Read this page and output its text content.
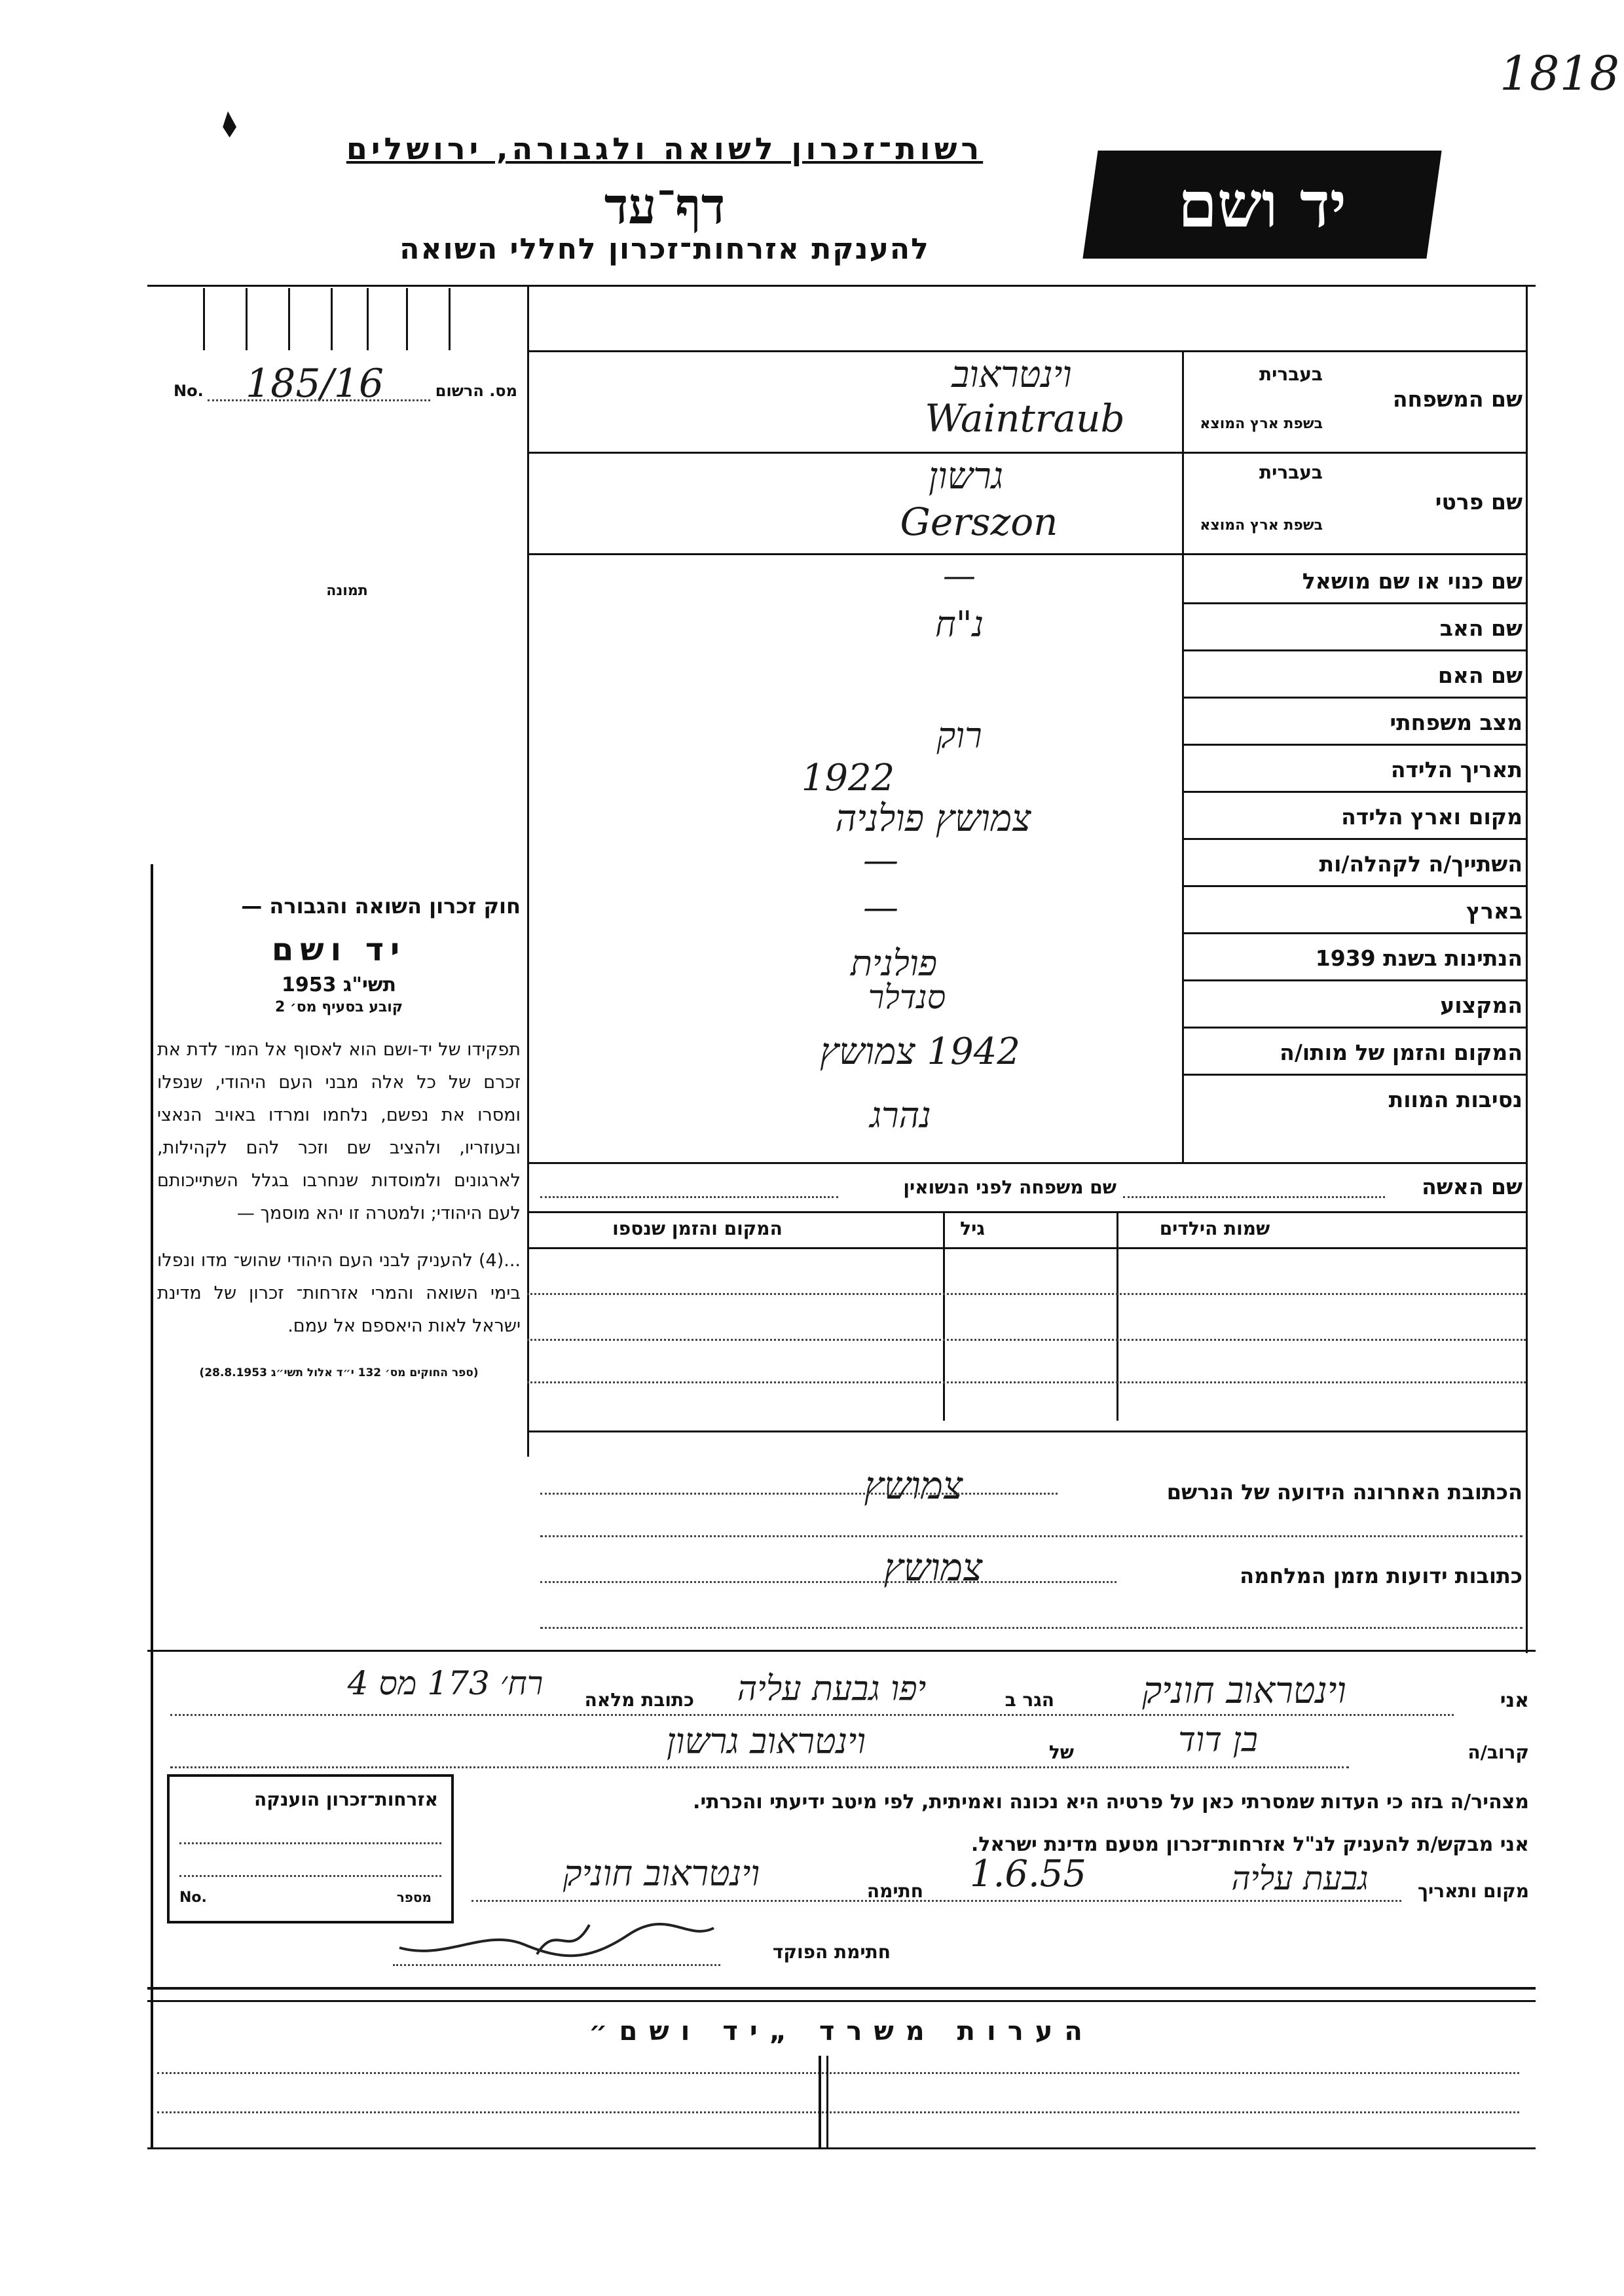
1818
רשות־זכרון לשואה ולגבורה, ירושלים
דף־עד
להענקת אזרחות־זכרון לחללי השואה
יד ושם
No. 185/16	מס. הרשום
תמונה
חוק זכרון השואה והגבורה —
יד ושם
תשי"ג 1953
קובע בסעיף מס׳ 2
תפקידו של יד-ושם הוא לאסוף אל המו־ לדת את זכרם של כל אלה מבני העם היהודי, שנפלו ומסרו את נפשם, נלחמו ומרדו באויב הנאצי ובעוזריו, ולהציב שם וזכר להם לקהילות, לארגונים ולמוסדות שנחרבו בגלל השתייכותם לעם היהודי; ולמטרה זו יהא מוסמך —
...(4) להעניק לבני העם היהודי שהוש־ מדו ונפלו בימי השואה והמרי אזרחות־ זכרון של מדינת ישראל לאות היאספם אל עמם.
(ספר החוקים מס׳ 132 י״ד אלול תשי״ג 28.8.1953)
שם המשפחה
בעברית
בשפת ארץ המוצא
וינטראוב
Waintraub
שם פרטי
בעברית
בשפת ארץ המוצא
גרשון
Gerszon
שם כנוי או שם מושאל
—
שם האב
נ"ח
שם האם
מצב משפחתי
רוק
תאריך הלידה
1922
מקום וארץ הלידה
צמושץ פולניה
השתייך/ה לקהלה/ות
—
בארץ
—
הנתינות בשנת 1939
פולנית
המקצוע
סנדלר
המקום והזמן של מותו/ה
1942 צמושץ
נסיבות המוות
נהרג
שם האשה
שם משפחה לפני הנשואין
שמות הילדים
גיל
המקום והזמן שנספו
הכתובת האחרונה הידועה של הנרשם
צמושץ
כתובות ידועות מזמן המלחמה
צמושץ
אני
וינטראוב חוניק
הגר ב
יפו גבעת עליה
כתובת מלאה
רח׳ 173 מס 4
קרוב/ה
בן דוד
של
וינטראוב גרשון
מצהיר/ה בזה כי העדות שמסרתי כאן על פרטיה היא נכונה ואמיתית, לפי מיטב ידיעתי והכרתי.
אני מבקש/ת להעניק לנ"ל אזרחות־זכרון מטעם מדינת ישראל.
מקום ותאריך
גבעת עליה
1.6.55
חתימה
וינטראוב חוניק
חתימת הפוקד
אזרחות־זכרון הוענקה
No.	מספר
הערות משרד „יד ושם״
